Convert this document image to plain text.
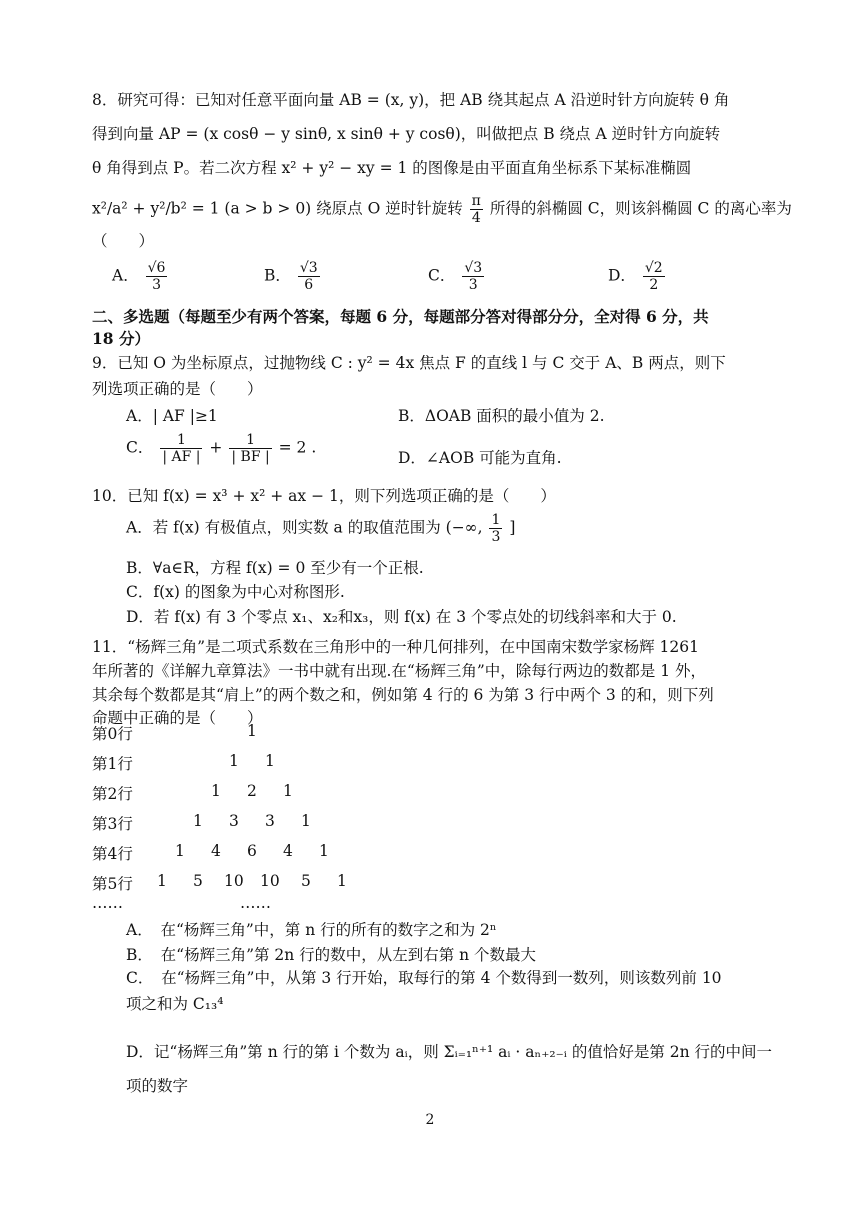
8．研究可得：已知对任意平面向量 AB = (x, y)，把 AB 绕其起点 A 沿逆时针方向旋转 θ 角
得到向量 AP = (x cosθ − y sinθ, x sinθ + y cosθ)，叫做把点 B 绕点 A 逆时针方向旋转
θ 角得到点 P。若二次方程 x² + y² − xy = 1 的图像是由平面直角坐标系下某标准椭圆
x²/a² + y²/b² = 1 (a > b > 0) 绕原点 O 逆时针旋转 $\frac{\pi}{4}$ 所得的斜椭圆 C，则该斜椭圆 C 的离心率为
（　　）
A． $\frac{√6}{3}$	B． $\frac{√3}{6}$	C． $\frac{√3}{3}$	D． $\frac{√2}{2}$
二、多选题（每题至少有两个答案，每题 6 分，每题部分答对得部分分，全对得 6 分，共
18 分）
9．已知 O 为坐标原点，过抛物线 C : y² = 4x 焦点 F 的直线 l 与 C 交于 A、B 两点，则下
列选项正确的是（　　）
A．| AF |≥1	B．ΔOAB 面积的最小值为 2.
C． $\frac{1}{| AF |} + \frac{1}{| BF |} = 2$ .
D．∠AOB 可能为直角.
10．已知 f(x) = x³ + x² + ax − 1，则下列选项正确的是（　　）
A．若 f(x) 有极值点，则实数 a 的取值范围为 (−∞, $\frac{1}{3}$ ]
B．∀a∈R，方程 f(x) = 0 至少有一个正根.
C．f(x) 的图象为中心对称图形.
D．若 f(x) 有 3 个零点 x₁、x₂和x₃，则 f(x) 在 3 个零点处的切线斜率和大于 0.
11．“杨辉三角”是二项式系数在三角形中的一种几何排列，在中国南宋数学家杨辉 1261
年所著的《详解九章算法》一书中就有出现.在“杨辉三角”中，除每行两边的数都是 1 外，
其余每个数都是其“肩上”的两个数之和，例如第 4 行的 6 为第 3 行中两个 3 的和，则下列
命题中正确的是（　　）
第0行	1
第1行	1 1
第2行	1 2 1
第3行	1 3 3 1
第4行	1 4 6 4 1
第5行 1 5 10 10 5 1
……	……
A．　在“杨辉三角”中，第 n 行的所有的数字之和为 2ⁿ
B．　在“杨辉三角”第 2n 行的数中，从左到右第 n 个数最大
C．　在“杨辉三角”中，从第 3 行开始，取每行的第 4 个数得到一数列，则该数列前 10
项之和为 C₁₃⁴
D．记“杨辉三角”第 n 行的第 i 个数为 aᵢ，则 Σᵢ₌₁ⁿ⁺¹ aᵢ · aₙ₊₂₋ᵢ 的值恰好是第 2n 行的中间一
项的数字
2
